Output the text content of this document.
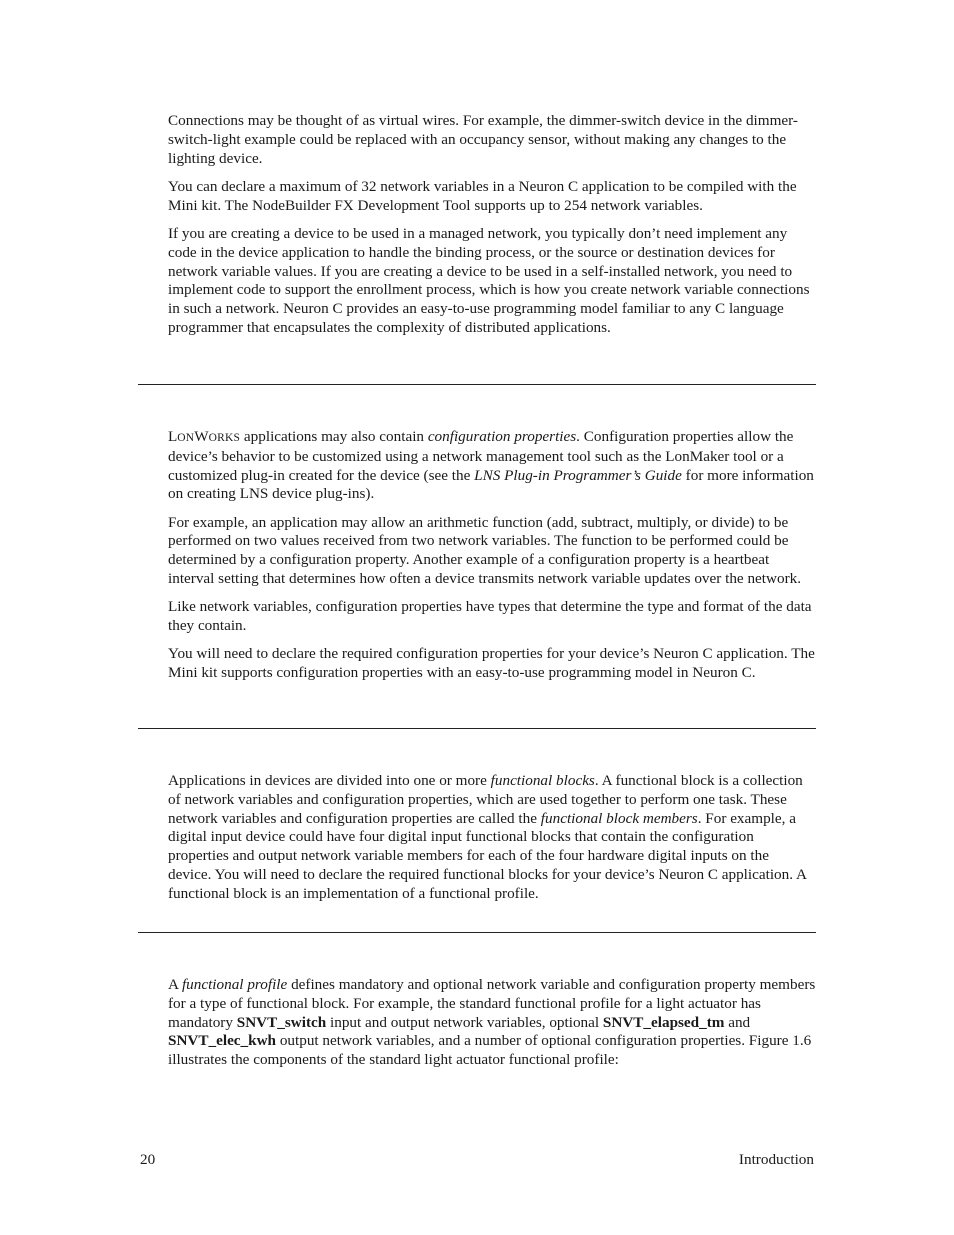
Connections may be thought of as virtual wires. For example, the dimmer-switch device in the dimmer-switch-light example could be replaced with an occupancy sensor, without making any changes to the lighting device.

You can declare a maximum of 32 network variables in a Neuron C application to be compiled with the Mini kit. The NodeBuilder FX Development Tool supports up to 254 network variables.

If you are creating a device to be used in a managed network, you typically don’t need implement any code in the device application to handle the binding process, or the source or destination devices for network variable values. If you are creating a device to be used in a self-installed network, you need to implement code to support the enrollment process, which is how you create network variable connections in such a network. Neuron C provides an easy-to-use programming model familiar to any C language programmer that encapsulates the complexity of distributed applications.

LONWORKS applications may also contain configuration properties. Configuration properties allow the device’s behavior to be customized using a network management tool such as the LonMaker tool or a customized plug-in created for the device (see the LNS Plug-in Programmer’s Guide for more information on creating LNS device plug-ins).

For example, an application may allow an arithmetic function (add, subtract, multiply, or divide) to be performed on two values received from two network variables. The function to be performed could be determined by a configuration property. Another example of a configuration property is a heartbeat interval setting that determines how often a device transmits network variable updates over the network.

Like network variables, configuration properties have types that determine the type and format of the data they contain.

You will need to declare the required configuration properties for your device’s Neuron C application. The Mini kit supports configuration properties with an easy-to-use programming model in Neuron C.

Applications in devices are divided into one or more functional blocks. A functional block is a collection of network variables and configuration properties, which are used together to perform one task. These network variables and configuration properties are called the functional block members. For example, a digital input device could have four digital input functional blocks that contain the configuration properties and output network variable members for each of the four hardware digital inputs on the device. You will need to declare the required functional blocks for your device’s Neuron C application. A functional block is an implementation of a functional profile.

A functional profile defines mandatory and optional network variable and configuration property members for a type of functional block. For example, the standard functional profile for a light actuator has mandatory SNVT_switch input and output network variables, optional SNVT_elapsed_tm and SNVT_elec_kwh output network variables, and a number of optional configuration properties. Figure 1.6 illustrates the components of the standard light actuator functional profile:

20	Introduction
